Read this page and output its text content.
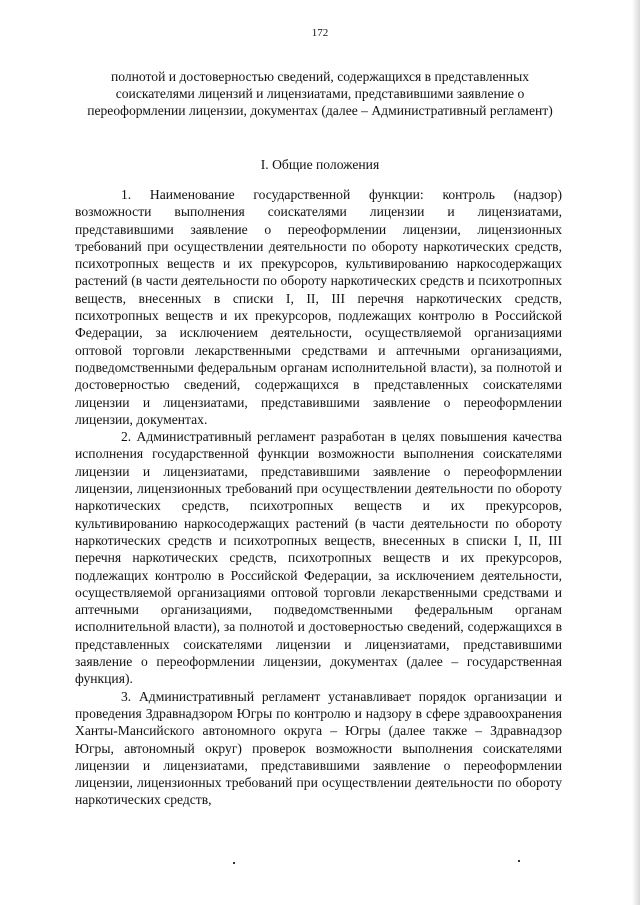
172
полнотой и достоверностью сведений, содержащихся в представленных соискателями лицензий и лицензиатами, представившими заявление о переоформлении лицензии, документах (далее – Административный регламент)
I. Общие положения

1. Наименование государственной функции: контроль (надзор) возможности выполнения соискателями лицензии и лицензиатами, представившими заявление о переоформлении лицензии, лицензионных требований при осуществлении деятельности по обороту наркотических средств, психотропных веществ и их прекурсоров, культивированию наркосодержащих растений (в части деятельности по обороту наркотических средств и психотропных веществ, внесенных в списки I, II, III перечня наркотических средств, психотропных веществ и их прекурсоров, подлежащих контролю в Российской Федерации, за исключением деятельности, осуществляемой организациями оптовой торговли лекарственными средствами и аптечными организациями, подведомственными федеральным органам исполнительной власти), за полнотой и достоверностью сведений, содержащихся в представленных соискателями лицензии и лицензиатами, представившими заявление о переоформлении лицензии, документах.

2. Административный регламент разработан в целях повышения качества исполнения государственной функции возможности выполнения соискателями лицензии и лицензиатами, представившими заявление о переоформлении лицензии, лицензионных требований при осуществлении деятельности по обороту наркотических средств, психотропных веществ и их прекурсоров, культивированию наркосодержащих растений (в части деятельности по обороту наркотических средств и психотропных веществ, внесенных в списки I, II, III перечня наркотических средств, психотропных веществ и их прекурсоров, подлежащих контролю в Российской Федерации, за исключением деятельности, осуществляемой организациями оптовой торговли лекарственными средствами и аптечными организациями, подведомственными федеральным органам исполнительной власти), за полнотой и достоверностью сведений, содержащихся в представленных соискателями лицензии и лицензиатами, представившими заявление о переоформлении лицензии, документах (далее – государственная функция).

3. Административный регламент устанавливает порядок организации и проведения Здравнадзором Югры по контролю и надзору в сфере здравоохранения Ханты-Мансийского автономного округа – Югры (далее также – Здравнадзор Югры, автономный округ) проверок возможности выполнения соискателями лицензии и лицензиатами, представившими заявление о переоформлении лицензии, лицензионных требований при осуществлении деятельности по обороту наркотических средств,
